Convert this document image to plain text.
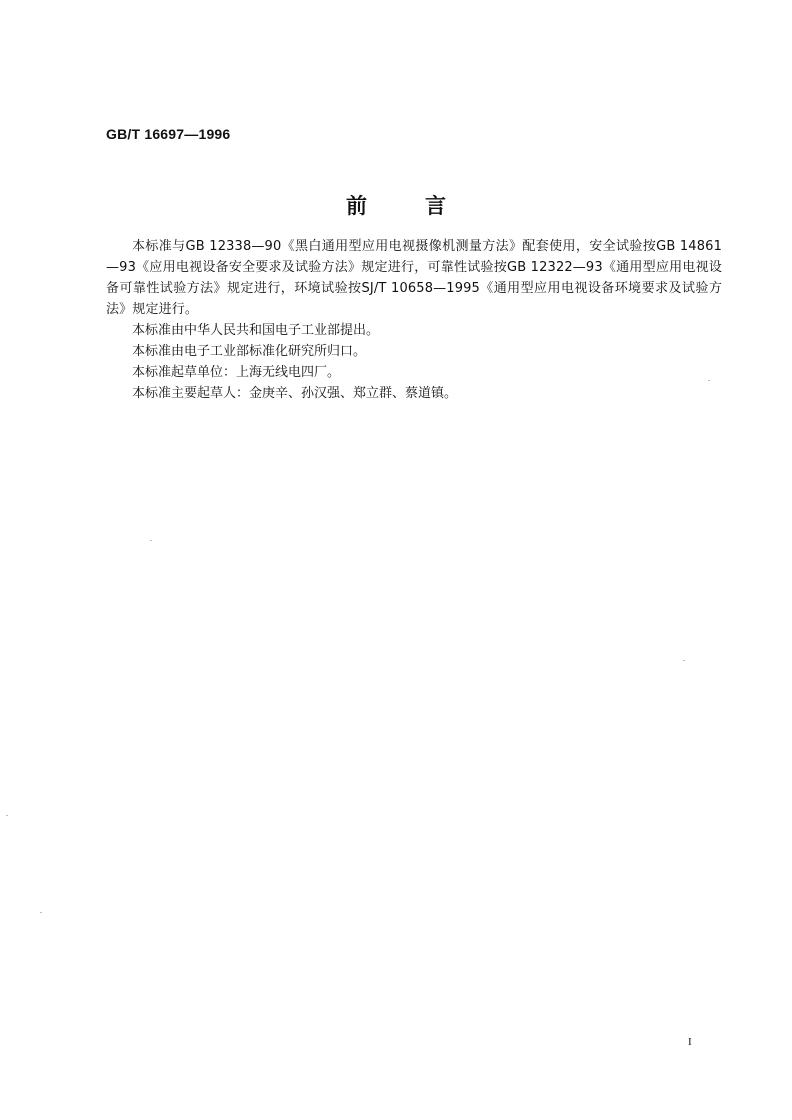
GB/T 16697—1996
前	言

本标准与GB 12338—90《黑白通用型应用电视摄像机测量方法》配套使用，安全试验按GB 14861—93《应用电视设备安全要求及试验方法》规定进行，可靠性试验按GB 12322—93《通用型应用电视设备可靠性试验方法》规定进行，环境试验按SJ/T 10658—1995《通用型应用电视设备环境要求及试验方法》规定进行。

本标准由中华人民共和国电子工业部提出。

本标准由电子工业部标准化研究所归口。

本标准起草单位：上海无线电四厂。

本标准主要起草人：金庚辛、孙汉强、郑立群、蔡道镇。

I
